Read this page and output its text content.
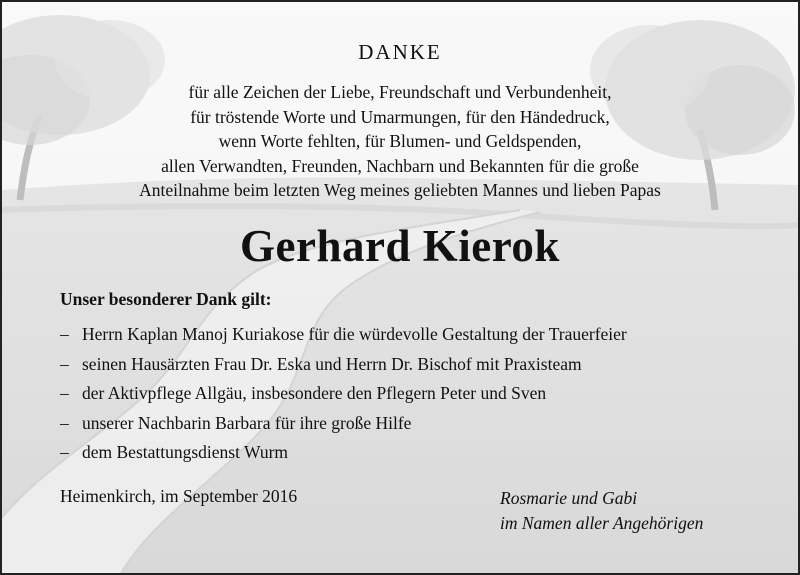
DANKE
für alle Zeichen der Liebe, Freundschaft und Verbundenheit,
für tröstende Worte und Umarmungen, für den Händedruck,
wenn Worte fehlten, für Blumen- und Geldspenden,
allen Verwandten, Freunden, Nachbarn und Bekannten für die große
Anteilnahme beim letzten Weg meines geliebten Mannes und lieben Papas
Gerhard Kierok
Unser besonderer Dank gilt:
– Herrn Kaplan Manoj Kuriakose für die würdevolle Gestaltung der Trauerfeier
– seinen Hausärzten Frau Dr. Eska und Herrn Dr. Bischof mit Praxisteam
– der Aktivpflege Allgäu, insbesondere den Pflegern Peter und Sven
– unserer Nachbarin Barbara für ihre große Hilfe
– dem Bestattungsdienst Wurm
Heimenkirch, im September 2016	Rosmarie und Gabi
im Namen aller Angehörigen
